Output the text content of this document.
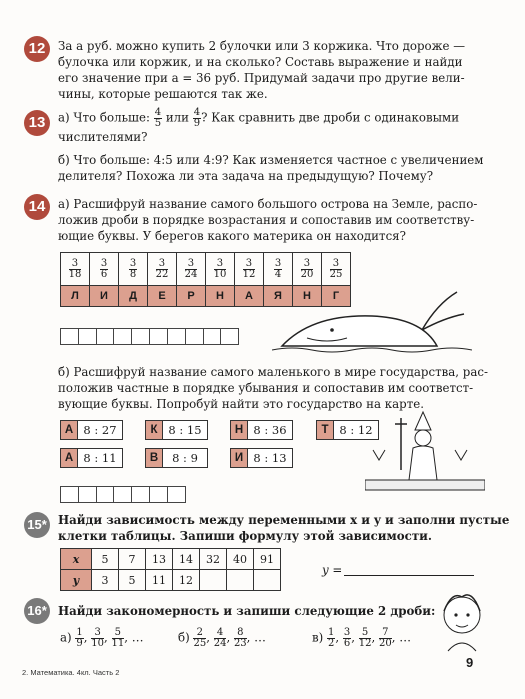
12	За а руб. можно купить 2 булочки или 3 коржика. Что дороже —
булочка или коржик, и на сколько? Составь выражение и найди
его значение при а = 36 руб. Придумай задачи про другие вели-
чины, которые решаются так же.
13	а) Что больше: $\frac{4}{5}$ или $\frac{4}{9}$ ? Как сравнить две дроби с одинаковыми
числителями?
б) Что больше: 4:5 или 4:9? Как изменяется частное с увеличением
делителя? Похожа ли эта задача на предыдущую? Почему?
14	а) Расшифруй название самого большого острова на Земле, распо-
ложив дроби в порядке возрастания и сопоставив им соответству-
ющие буквы. У берегов какого материка он находится?
$\frac{3}{18}$	$\frac{3}{6}$	$\frac{3}{8}$	$\frac{3}{22}$	$\frac{3}{24}$	$\frac{3}{10}$	$\frac{3}{12}$	$\frac{3}{4}$	$\frac{3}{20}$	$\frac{3}{25}$

Л	И	Д	Е	Р	Н	А	Я	Н	Г
б) Расшифруй название самого маленького в мире государства, рас-
положив частные в порядке убывания и сопоставив им соответст-
вующие буквы. Попробуй найти это государство на карте.
А 8 : 27	К 8 : 15	Н 8 : 36	Т 8 : 12
А 8 : 11	В	8 : 9	И 8 : 13
15* Найди зависимость между переменными x и y и заполни пустые
клетки таблицы. Запиши формулу этой зависимости.
x	5	7	13	14	32	40	91
y	3	5	11	12			
y =
16* Найди закономерность и запиши следующие 2 дроби:
$а) \frac{1}{9}$ , $\frac{3}{10}$ , $\frac{5}{11}$ , …	$б) \frac{2}{25}$ , $\frac{4}{24}$ , $\frac{8}{23}$ , …	$в) \frac{1}{2}$ , $\frac{3}{6}$ , $\frac{5}{12}$ , $\frac{7}{20}$ , …
2. Математика. 4кл. Часть 2
9
